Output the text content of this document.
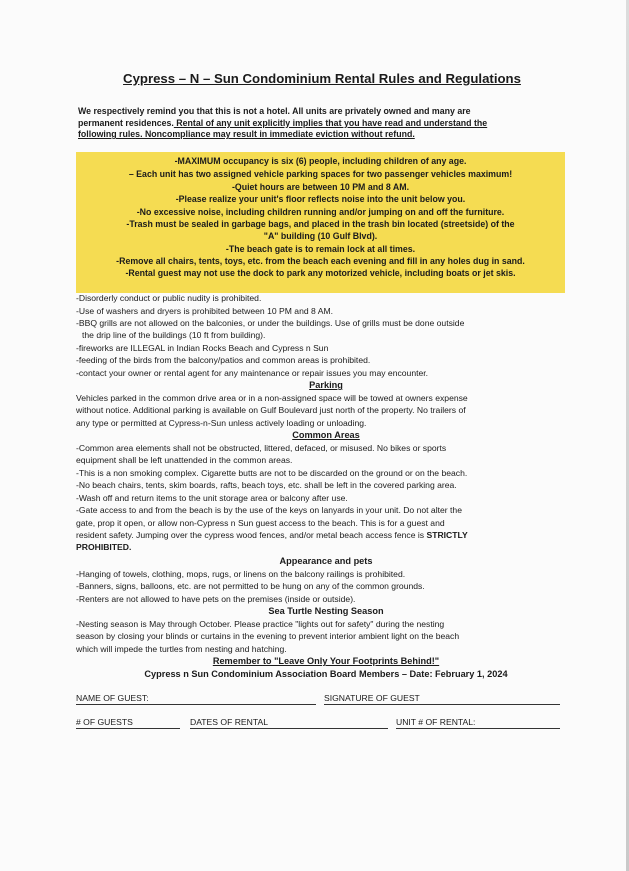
Cypress – N – Sun Condominium Rental Rules and Regulations
We respectively remind you that this is not a hotel. All units are privately owned and many are
permanent residences. Rental of any unit explicitly implies that you have read and understand the
following rules. Noncompliance may result in immediate eviction without refund.
-MAXIMUM occupancy is six (6) people, including children of any age.
– Each unit has two assigned vehicle parking spaces for two passenger vehicles maximum!
-Quiet hours are between 10 PM and 8 AM.
-Please realize your unit's floor reflects noise into the unit below you.
-No excessive noise, including children running and/or jumping on and off the furniture.
-Trash must be sealed in garbage bags, and placed in the trash bin located (streetside) of the
"A" building (10 Gulf Blvd).
-The beach gate is to remain lock at all times.
-Remove all chairs, tents, toys, etc. from the beach each evening and fill in any holes dug in sand.
-Rental guest may not use the dock to park any motorized vehicle, including boats or jet skis.
-Disorderly conduct or public nudity is prohibited.
-Use of washers and dryers is prohibited between 10 PM and 8 AM.
-BBQ grills are not allowed on the balconies, or under the buildings. Use of grills must be done outside
the drip line of the buildings (10 ft from building).
-fireworks are ILLEGAL in Indian Rocks Beach and Cypress n Sun
-feeding of the birds from the balcony/patios and common areas is prohibited.
-contact your owner or rental agent for any maintenance or repair issues you may encounter.
Parking
Vehicles parked in the common drive area or in a non-assigned space will be towed at owners expense
without notice. Additional parking is available on Gulf Boulevard just north of the property. No trailers of
any type or permitted at Cypress-n-Sun unless actively loading or unloading.
Common Areas
-Common area elements shall not be obstructed, littered, defaced, or misused. No bikes or sports
equipment shall be left unattended in the common areas.
-This is a non smoking complex. Cigarette butts are not to be discarded on the ground or on the beach.
-No beach chairs, tents, skim boards, rafts, beach toys, etc. shall be left in the covered parking area.
-Wash off and return items to the unit storage area or balcony after use.
-Gate access to and from the beach is by the use of the keys on lanyards in your unit. Do not alter the
gate, prop it open, or allow non-Cypress n Sun guest access to the beach. This is for a guest and
resident safety. Jumping over the cypress wood fences, and/or metal beach access fence is STRICTLY
PROHIBITED.
Appearance and pets
-Hanging of towels, clothing, mops, rugs, or linens on the balcony railings is prohibited.
-Banners, signs, balloons, etc. are not permitted to be hung on any of the common grounds.
-Renters are not allowed to have pets on the premises (inside or outside).
Sea Turtle Nesting Season
-Nesting season is May through October. Please practice "lights out for safety" during the nesting
season by closing your blinds or curtains in the evening to prevent interior ambient light on the beach
which will impede the turtles from nesting and hatching.
Remember to "Leave Only Your Footprints Behind!"
Cypress n Sun Condominium Association Board Members – Date: February 1, 2024
NAME OF GUEST:	SIGNATURE OF GUEST
# OF GUESTS	DATES OF RENTAL	UNIT # OF RENTAL:
